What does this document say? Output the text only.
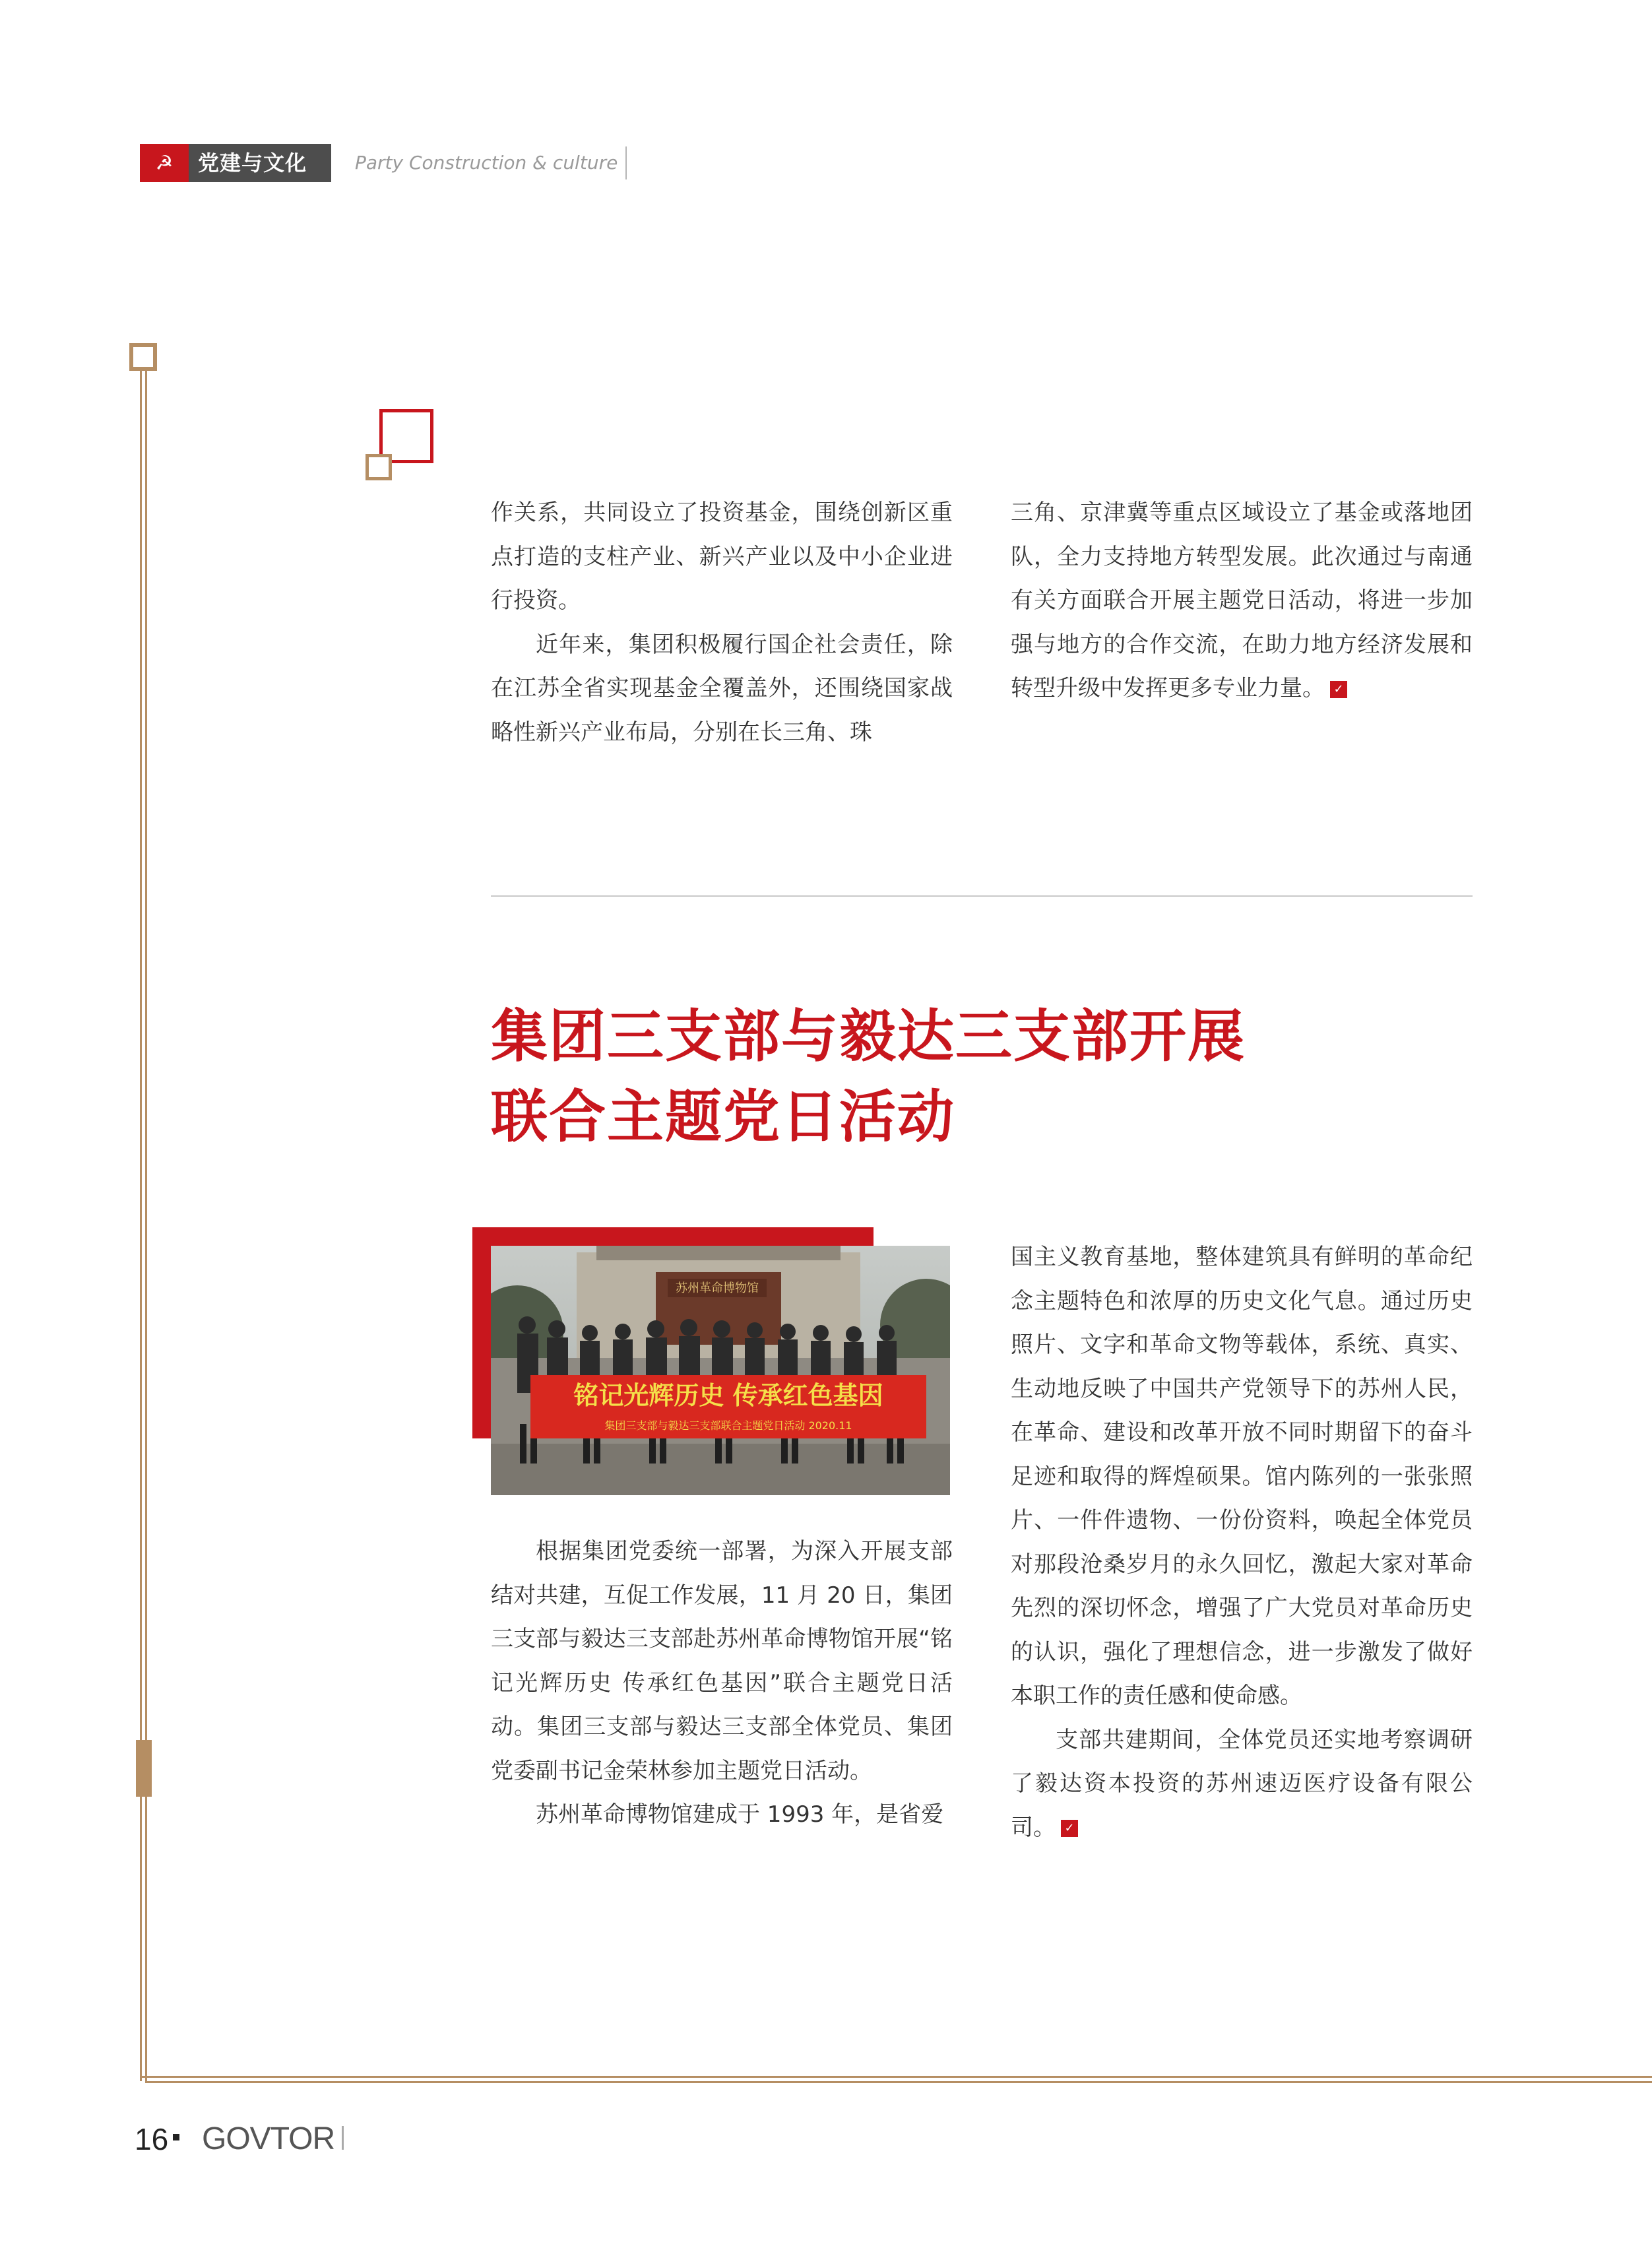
☭ 党建与文化	Party Construction & culture

作关系，共同设立了投资基金，围绕创新区重点打造的支柱产业、新兴产业以及中小企业进行投资。

近年来，集团积极履行国企社会责任，除在江苏全省实现基金全覆盖外，还围绕国家战略性新兴产业布局，分别在长三角、珠

三角、京津冀等重点区域设立了基金或落地团队，全力支持地方转型发展。此次通过与南通有关方面联合开展主题党日活动，将进一步加强与地方的合作交流，在助力地方经济发展和转型升级中发挥更多专业力量。 ✓

集团三支部与毅达三支部开展
联合主题党日活动
苏州革命博物馆
铭记光辉历史 传承红色基因
集团三支部与毅达三支部联合主题党日活动 2020.11

根据集团党委统一部署，为深入开展支部结对共建，互促工作发展，11 月 20 日，集团三支部与毅达三支部赴苏州革命博物馆开展“铭记光辉历史 传承红色基因”联合主题党日活动。集团三支部与毅达三支部全体党员、集团党委副书记金荣林参加主题党日活动。

苏州革命博物馆建成于 1993 年，是省爱

国主义教育基地，整体建筑具有鲜明的革命纪念主题特色和浓厚的历史文化气息。通过历史照片、文字和革命文物等载体，系统、真实、生动地反映了中国共产党领导下的苏州人民，在革命、建设和改革开放不同时期留下的奋斗足迹和取得的辉煌硕果。馆内陈列的一张张照片、一件件遗物、一份份资料，唤起全体党员对那段沧桑岁月的永久回忆，激起大家对革命先烈的深切怀念，增强了广大党员对革命历史的认识，强化了理想信念，进一步激发了做好本职工作的责任感和使命感。

支部共建期间，全体党员还实地考察调研了毅达资本投资的苏州速迈医疗设备有限公司。 ✓

16 GOVTOR
